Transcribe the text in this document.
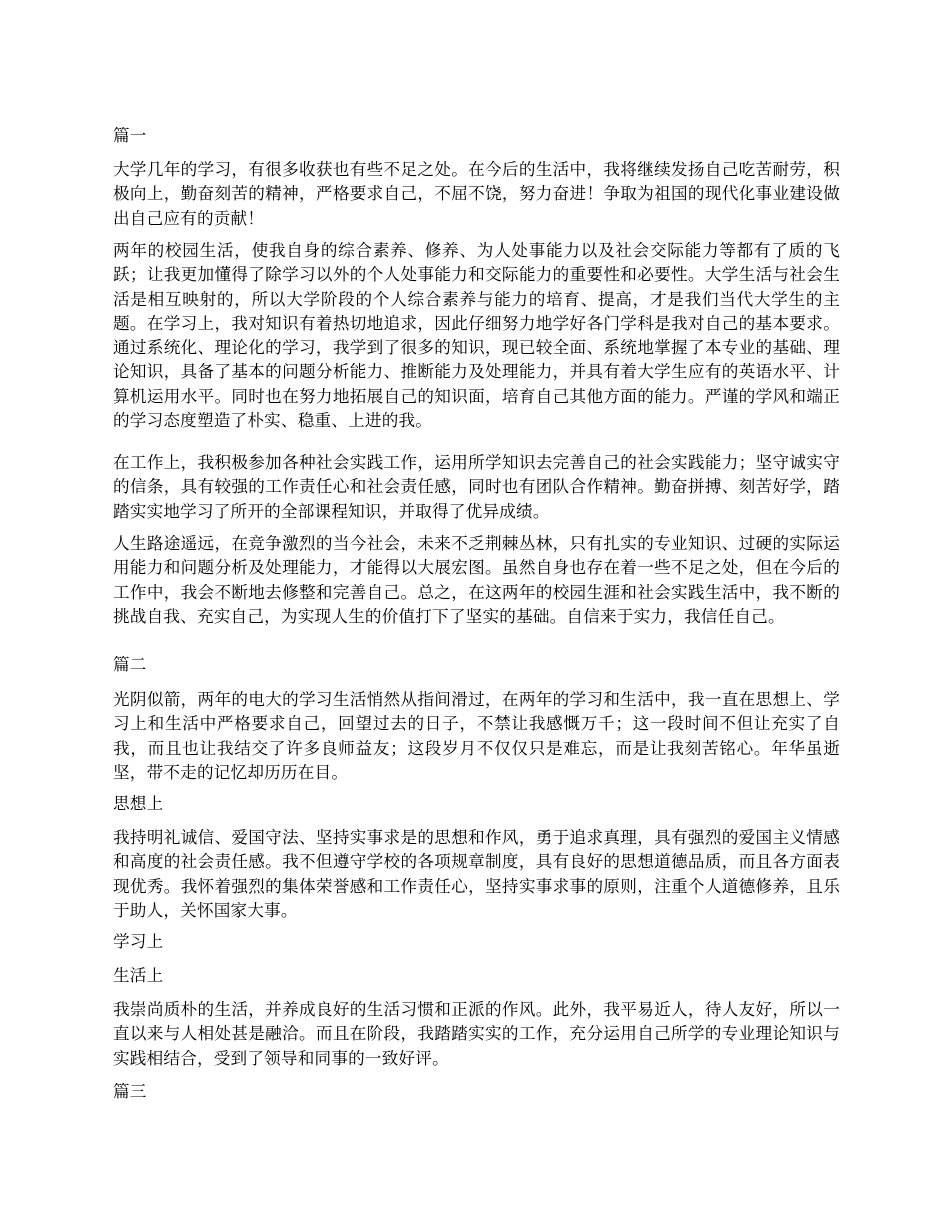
篇一
大学几年的学习，有很多收获也有些不足之处。在今后的生活中，我将继续发扬自己吃苦耐劳，积极向上，勤奋刻苦的精神，严格要求自己，不屈不饶，努力奋进！争取为祖国的现代化事业建设做出自己应有的贡献！
两年的校园生活，使我自身的综合素养、修养、为人处事能力以及社会交际能力等都有了质的飞跃；让我更加懂得了除学习以外的个人处事能力和交际能力的重要性和必要性。大学生活与社会生活是相互映射的，所以大学阶段的个人综合素养与能力的培育、提高，才是我们当代大学生的主题。在学习上，我对知识有着热切地追求，因此仔细努力地学好各门学科是我对自己的基本要求。通过系统化、理论化的学习，我学到了很多的知识，现已较全面、系统地掌握了本专业的基础、理论知识，具备了基本的问题分析能力、推断能力及处理能力，并具有着大学生应有的英语水平、计算机运用水平。同时也在努力地拓展自己的知识面，培育自己其他方面的能力。严谨的学风和端正的学习态度塑造了朴实、稳重、上进的我。
在工作上，我积极参加各种社会实践工作，运用所学知识去完善自己的社会实践能力；坚守诚实守的信条，具有较强的工作责任心和社会责任感，同时也有团队合作精神。勤奋拼搏、刻苦好学，踏踏实实地学习了所开的全部课程知识，并取得了优异成绩。
人生路途遥远，在竞争激烈的当今社会，未来不乏荆棘丛林，只有扎实的专业知识、过硬的实际运用能力和问题分析及处理能力，才能得以大展宏图。虽然自身也存在着一些不足之处，但在今后的工作中，我会不断地去修整和完善自己。总之，在这两年的校园生涯和社会实践生活中，我不断的挑战自我、充实自己，为实现人生的价值打下了坚实的基础。自信来于实力，我信任自己。
篇二
光阴似箭，两年的电大的学习生活悄然从指间滑过，在两年的学习和生活中，我一直在思想上、学习上和生活中严格要求自己，回望过去的日子，不禁让我感慨万千；这一段时间不但让充实了自我，而且也让我结交了许多良师益友；这段岁月不仅仅只是难忘，而是让我刻苦铭心。年华虽逝坚，带不走的记忆却历历在目。
思想上
我持明礼诚信、爱国守法、坚持实事求是的思想和作风，勇于追求真理，具有强烈的爱国主义情感和高度的社会责任感。我不但遵守学校的各项规章制度，具有良好的思想道德品质，而且各方面表现优秀。我怀着强烈的集体荣誉感和工作责任心，坚持实事求事的原则，注重个人道德修养，且乐于助人，关怀国家大事。
学习上
生活上
我崇尚质朴的生活，并养成良好的生活习惯和正派的作风。此外，我平易近人，待人友好，所以一直以来与人相处甚是融洽。而且在阶段，我踏踏实实的工作，充分运用自己所学的专业理论知识与实践相结合，受到了领导和同事的一致好评。
篇三
